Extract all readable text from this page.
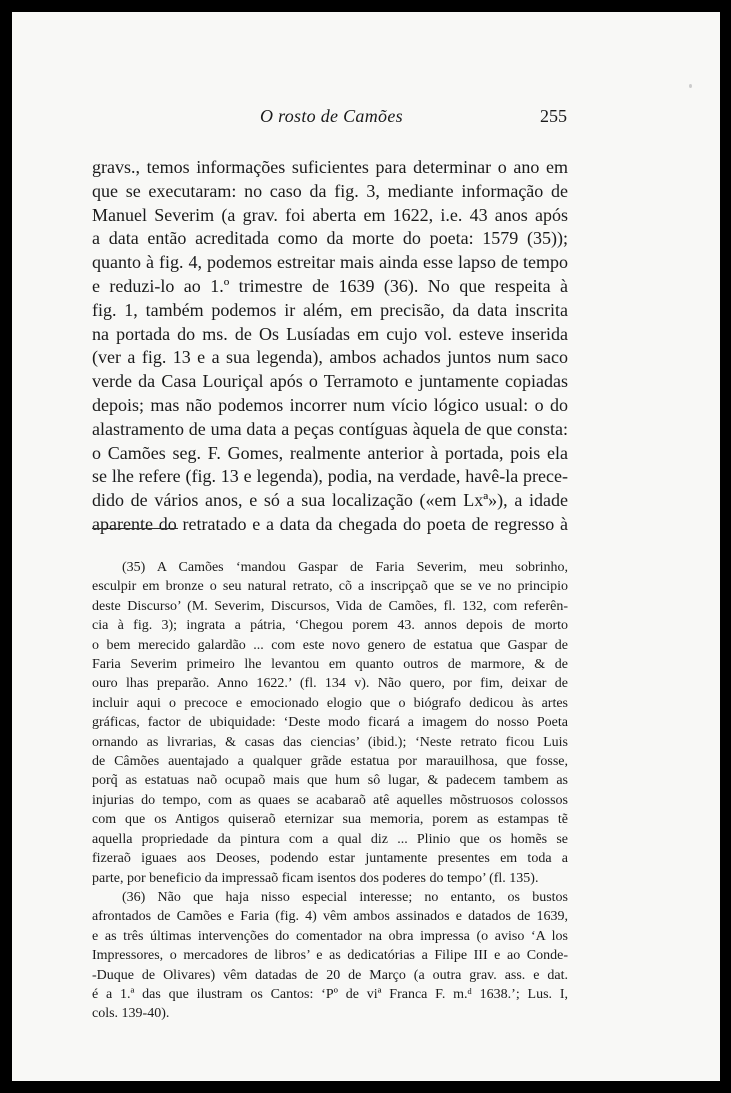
O rosto de Camões	255
gravs., temos informações suficientes para determinar o ano em
que se executaram: no caso da fig. 3, mediante informação de
Manuel Severim (a grav. foi aberta em 1622, i.e. 43 anos após
a data então acreditada como da morte do poeta: 1579 (35));
quanto à fig. 4, podemos estreitar mais ainda esse lapso de tempo
e reduzi-lo ao 1.º trimestre de 1639 (36). No que respeita à
fig. 1, também podemos ir além, em precisão, da data inscrita
na portada do ms. de Os Lusíadas em cujo vol. esteve inserida
(ver a fig. 13 e a sua legenda), ambos achados juntos num saco
verde da Casa Louriçal após o Terramoto e juntamente copiadas
depois; mas não podemos incorrer num vício lógico usual: o do
alastramento de uma data a peças contíguas àquela de que consta:
o Camões seg. F. Gomes, realmente anterior à portada, pois ela
se lhe refere (fig. 13 e legenda), podia, na verdade, havê-la prece-
dido de vários anos, e só a sua localização («em Lxª»), a idade
aparente do retratado e a data da chegada do poeta de regresso à
(35) A Camões ‘mandou Gaspar de Faria Severim, meu sobrinho,
esculpir em bronze o seu natural retrato, cõ a inscripçaõ que se ve no principio
deste Discurso’ (M. Severim, Discursos, Vida de Camões, fl. 132, com referên-
cia à fig. 3); ingrata a pátria, ‘Chegou porem 43. annos depois de morto
o bem merecido galardão ... com este novo genero de estatua que Gaspar de
Faria Severim primeiro lhe levantou em quanto outros de marmore, & de
ouro lhas preparão. Anno 1622.’ (fl. 134 v). Não quero, por fim, deixar de
incluir aqui o precoce e emocionado elogio que o biógrafo dedicou às artes
gráficas, factor de ubiquidade: ‘Deste modo ficará a imagem do nosso Poeta
ornando as livrarias, & casas das ciencias’ (ibid.); ‘Neste retrato ficou Luis
de Câmões auentajado a qualquer grãde estatua por marauilhosa, que fosse,
porq̃ as estatuas naõ ocupaõ mais que hum sô lugar, & padecem tambem as
injurias do tempo, com as quaes se acabaraõ atê aquelles mõstruosos colossos
com que os Antigos quiseraõ eternizar sua memoria, porem as estampas tẽ
aquella propriedade da pintura com a qual diz ... Plinio que os homẽs se
fizeraõ iguaes aos Deoses, podendo estar juntamente presentes em toda a
parte, por beneficio da impressaõ ficam isentos dos poderes do tempo’ (fl. 135).
(36) Não que haja nisso especial interesse; no entanto, os bustos
afrontados de Camões e Faria (fig. 4) vêm ambos assinados e datados de 1639,
e as três últimas intervenções do comentador na obra impressa (o aviso ‘A los
Impressores, o mercadores de libros’ e as dedicatórias a Filipe III e ao Conde-
-Duque de Olivares) vêm datadas de 20 de Março (a outra grav. ass. e dat.
é a 1.ª das que ilustram os Cantos: ‘Pº de viª Franca F. m.ᵈ 1638.’; Lus. I,
cols. 139-40).
